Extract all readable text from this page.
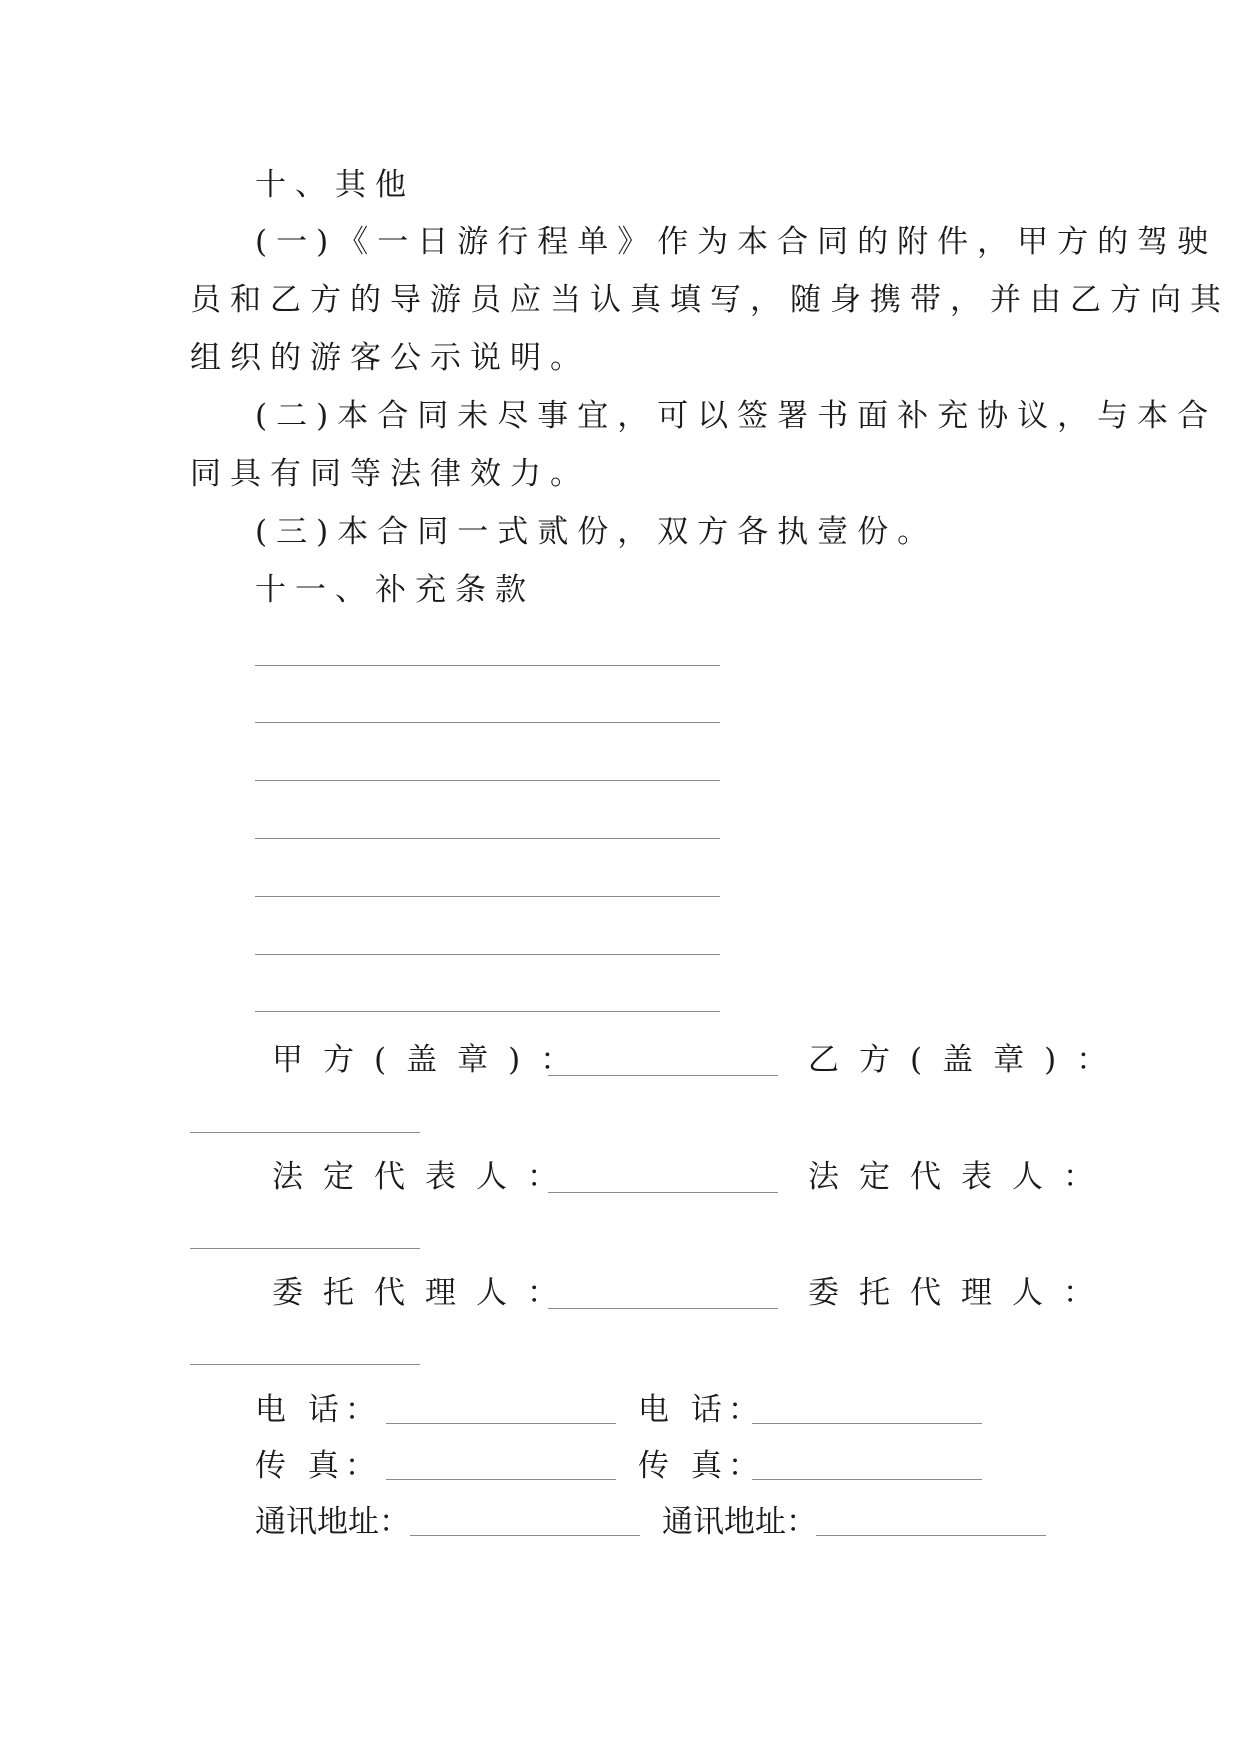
十、其他
(一)《一日游行程单》作为本合同的附件，甲方的驾驶
员和乙方的导游员应当认真填写，随身携带，并由乙方向其
组织的游客公示说明。
(二)本合同未尽事宜，可以签署书面补充协议，与本合
同具有同等法律效力。
(三)本合同一式贰份，双方各执壹份。
十一、补充条款
甲方(盖章)：	乙方(盖章)：
法定代表人：	法定代表人：
委托代理人：	委托代理人：
电 话：	电 话：
传 真：	传 真：
通讯地址：	通讯地址：
